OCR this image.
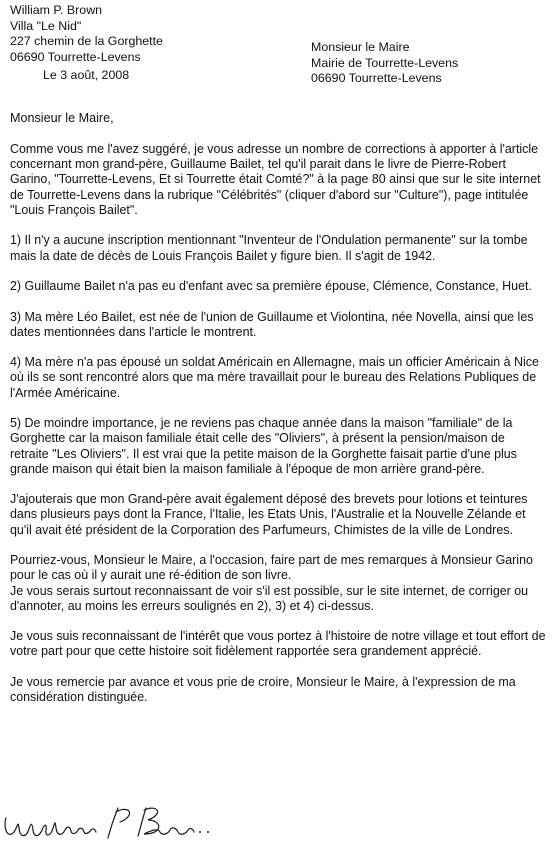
William P. Brown
Villa "Le Nid"
227 chemin de la Gorghette
06690 Tourrette-Levens
Le 3 août, 2008
Monsieur le Maire
Mairie de Tourrette-Levens
06690 Tourrette-Levens
Monsieur le Maire,

Comme vous me l'avez suggéré, je vous adresse un nombre de corrections à apporter à l'article concernant mon grand-père, Guillaume Bailet, tel qu'il parait dans le livre de Pierre-Robert Garino, "Tourrette-Levens, Et si Tourrette était Comté?" à la page 80 ainsi que sur le site internet de Tourrette-Levens dans la rubrique "Célébrités" (cliquer d'abord sur "Culture"), page intitulée "Louis François Bailet".

1) Il n'y a aucune inscription mentionnant "Inventeur de l'Ondulation permanente" sur la tombe mais la date de décès de Louis François Bailet y figure bien. Il s'agit de 1942.

2) Guillaume Bailet n'a pas eu d'enfant avec sa première épouse, Clémence, Constance, Huet.

3) Ma mère Léo Bailet, est née de l'union de Guillaume et Violontina, née Novella, ainsi que les dates mentionnées dans l'article le montrent.

4) Ma mère n'a pas épousé un soldat Américain en Allemagne, mais un officier Américain à Nice où ils se sont rencontré alors que ma mère travaillait pour le bureau des Relations Publiques de l'Armée Américaine.

5) De moindre importance, je ne reviens pas chaque année dans la maison "familiale" de la Gorghette car la maison familiale était celle des "Oliviers", à présent la pension/maison de retraite "Les Oliviers". Il est vrai que la petite maison de la Gorghette faisait partie d'une plus grande maison qui était bien la maison familiale à l'époque de mon arrière grand-père.

J'ajouterais que mon Grand-père avait également déposé des brevets pour lotions et teintures dans plusieurs pays dont la France, l'Italie, les Etats Unis, l'Australie et la Nouvelle Zélande et qu'il avait été président de la Corporation des Parfumeurs, Chimistes de la ville de Londres.

Pourriez-vous, Monsieur le Maire, a l'occasion, faire part de mes remarques à Monsieur Garino pour le cas où il y aurait une ré-édition de son livre.
Je vous serais surtout reconnaissant de voir s'il est possible, sur le site internet, de corriger ou d'annoter, au moins les erreurs soulignés en 2), 3) et 4) ci-dessus.

Je vous suis reconnaissant de l'intérêt que vous portez à l'histoire de notre village et tout effort de votre part pour que cette histoire soit fidèlement rapportée sera grandement apprécié.

Je vous remercie par avance et vous prie de croire, Monsieur le Maire, à l'expression de ma considération distinguée.
